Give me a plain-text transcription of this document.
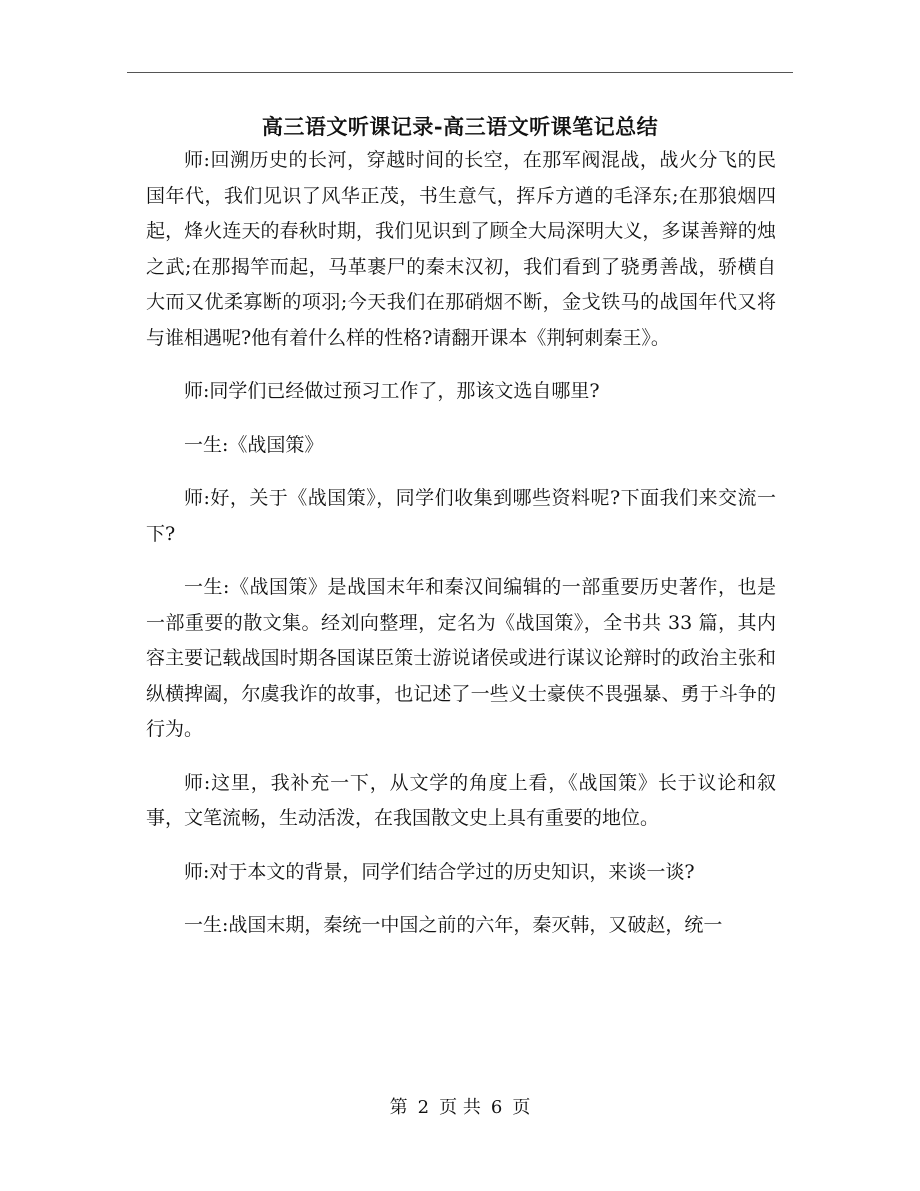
高三语文听课记录-高三语文听课笔记总结

师:回溯历史的长河，穿越时间的长空，在那军阀混战，战火分飞的民国年代，我们见识了风华正茂，书生意气，挥斥方遒的毛泽东;在那狼烟四起，烽火连天的春秋时期，我们见识到了顾全大局深明大义，多谋善辩的烛之武;在那揭竿而起，马革裹尸的秦末汉初，我们看到了骁勇善战，骄横自大而又优柔寡断的项羽;今天我们在那硝烟不断，金戈铁马的战国年代又将与谁相遇呢?他有着什么样的性格?请翻开课本《荆轲刺秦王》。

师:同学们已经做过预习工作了，那该文选自哪里?

一生:《战国策》

师:好，关于《战国策》，同学们收集到哪些资料呢?下面我们来交流一下?

一生:《战国策》是战国末年和秦汉间编辑的一部重要历史著作，也是一部重要的散文集。经刘向整理，定名为《战国策》，全书共 33 篇，其内容主要记载战国时期各国谋臣策士游说诸侯或进行谋议论辩时的政治主张和纵横捭阖，尔虞我诈的故事，也记述了一些义士豪侠不畏强暴、勇于斗争的行为。

师:这里，我补充一下，从文学的角度上看，《战国策》长于议论和叙事，文笔流畅，生动活泼，在我国散文史上具有重要的地位。

师:对于本文的背景，同学们结合学过的历史知识，来谈一谈?

一生:战国末期，秦统一中国之前的六年，秦灭韩，又破赵，统一

第 2 页 共 6 页
